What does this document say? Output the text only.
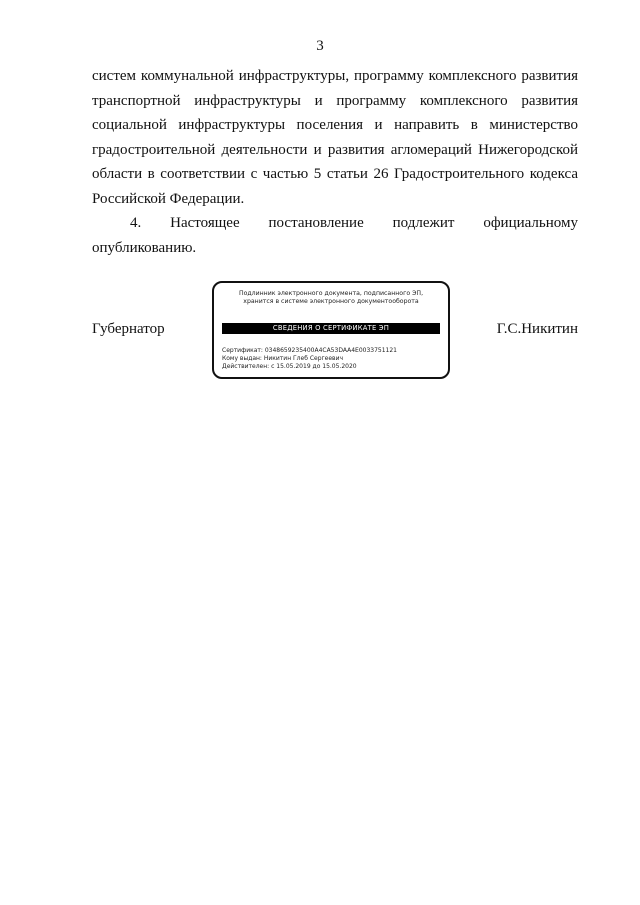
3

систем коммунальной инфраструктуры, программу комплексного развития транспортной инфраструктуры и программу комплексного развития социальной инфраструктуры поселения и направить в министерство градостроительной деятельности и развития агломераций Нижегородской области в соответствии с частью 5 статьи 26 Градостроительного кодекса Российской Федерации.

4. Настоящее постановление подлежит официальному опубликованию.

Губернатор
Подлинник электронного документа, подписанного ЭП,
хранится в системе электронного документооборота
СВЕДЕНИЯ О СЕРТИФИКАТЕ ЭП
Сертификат: 0348659235400A4CA53DAA4E0033751121
Кому выдан: Никитин Глеб Сергеевич
Действителен: с 15.05.2019 до 15.05.2020
Г.С.Никитин
